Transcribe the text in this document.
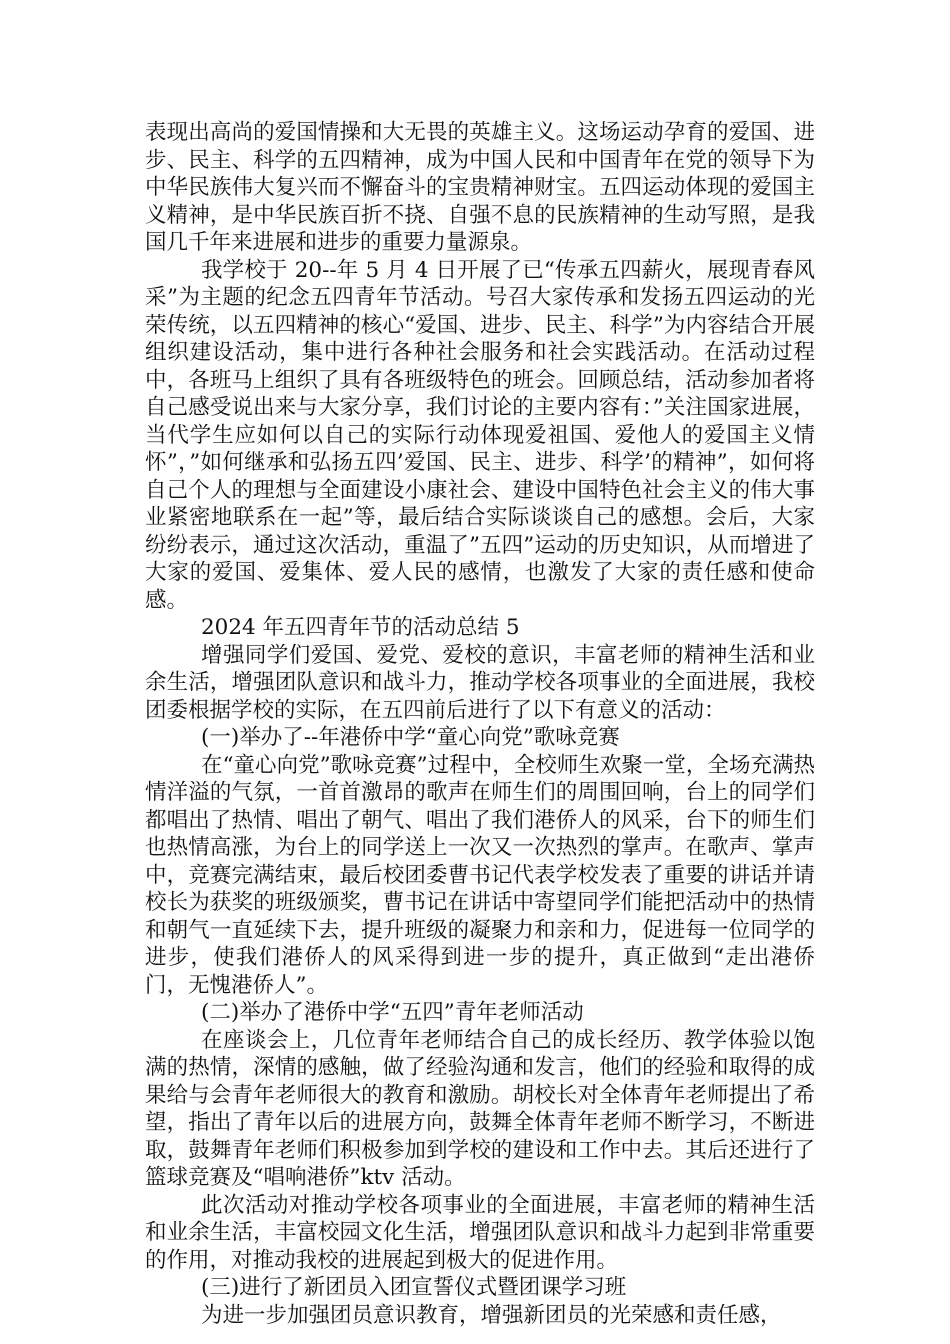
表现出高尚的爱国情操和大无畏的英雄主义。这场运动孕育的爱国、进步、民主、科学的五四精神，成为中国人民和中国青年在党的领导下为中华民族伟大复兴而不懈奋斗的宝贵精神财宝。五四运动体现的爱国主义精神，是中华民族百折不挠、自强不息的民族精神的生动写照，是我国几千年来进展和进步的重要力量源泉。

我学校于 20--年 5 月 4 日开展了已“传承五四薪火，展现青春风采”为主题的纪念五四青年节活动。号召大家传承和发扬五四运动的光荣传统，以五四精神的核心“爱国、进步、民主、科学”为内容结合开展组织建设活动，集中进行各种社会服务和社会实践活动。在活动过程中，各班马上组织了具有各班级特色的班会。回顾总结，活动参加者将自己感受说出来与大家分享，我们讨论的主要内容有：”关注国家进展，当代学生应如何以自己的实际行动体现爱祖国、爱他人的爱国主义情怀”，”如何继承和弘扬五四’爱国、民主、进步、科学’的精神”，如何将自己个人的理想与全面建设小康社会、建设中国特色社会主义的伟大事业紧密地联系在一起”等，最后结合实际谈谈自己的感想。会后，大家纷纷表示，通过这次活动，重温了”五四”运动的历史知识，从而增进了大家的爱国、爱集体、爱人民的感情，也激发了大家的责任感和使命感。

2024 年五四青年节的活动总结 5

增强同学们爱国、爱党、爱校的意识，丰富老师的精神生活和业余生活，增强团队意识和战斗力，推动学校各项事业的全面进展，我校团委根据学校的实际，在五四前后进行了以下有意义的活动：

(一)举办了--年港侨中学“童心向党”歌咏竞赛

在“童心向党”歌咏竞赛”过程中，全校师生欢聚一堂，全场充满热情洋溢的气氛，一首首激昂的歌声在师生们的周围回响，台上的同学们都唱出了热情、唱出了朝气、唱出了我们港侨人的风采，台下的师生们也热情高涨，为台上的同学送上一次又一次热烈的掌声。在歌声、掌声中，竞赛完满结束，最后校团委曹书记代表学校发表了重要的讲话并请校长为获奖的班级颁奖，曹书记在讲话中寄望同学们能把活动中的热情和朝气一直延续下去，提升班级的凝聚力和亲和力，促进每一位同学的进步，使我们港侨人的风采得到进一步的提升，真正做到“走出港侨门，无愧港侨人”。

(二)举办了港侨中学“五四”青年老师活动

在座谈会上，几位青年老师结合自己的成长经历、教学体验以饱满的热情，深情的感触，做了经验沟通和发言，他们的经验和取得的成果给与会青年老师很大的教育和激励。胡校长对全体青年老师提出了希望，指出了青年以后的进展方向，鼓舞全体青年老师不断学习，不断进取，鼓舞青年老师们积极参加到学校的建设和工作中去。其后还进行了篮球竞赛及“唱响港侨”ktv 活动。

此次活动对推动学校各项事业的全面进展，丰富老师的精神生活和业余生活，丰富校园文化生活，增强团队意识和战斗力起到非常重要的作用，对推动我校的进展起到极大的促进作用。

(三)进行了新团员入团宣誓仪式暨团课学习班

为进一步加强团员意识教育，增强新团员的光荣感和责任感，
